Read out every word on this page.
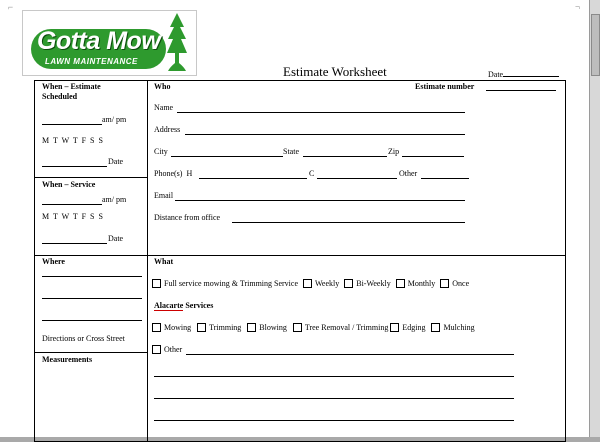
⌐	¬
Gotta Mow
LAWN MAINTENANCE
Estimate Worksheet	Date
When – Estimate Scheduled
am/ pm
M  T  W  T  F  S  S
Date
When – Service
am/ pm
M  T  W  T  F  S  S
Date
Where
Directions or Cross Street
Measurements
Who	Estimate number
Name
Address
City	State	Zip
Phone(s)  H	C	Other
Email
Distance from office
What
Full service mowing & Trimming Service Weekly Bi-Weekly Monthly Once
Alacarte Services
Mowing Trimming Blowing Tree Removal / Trimming Edging Mulching
Other
